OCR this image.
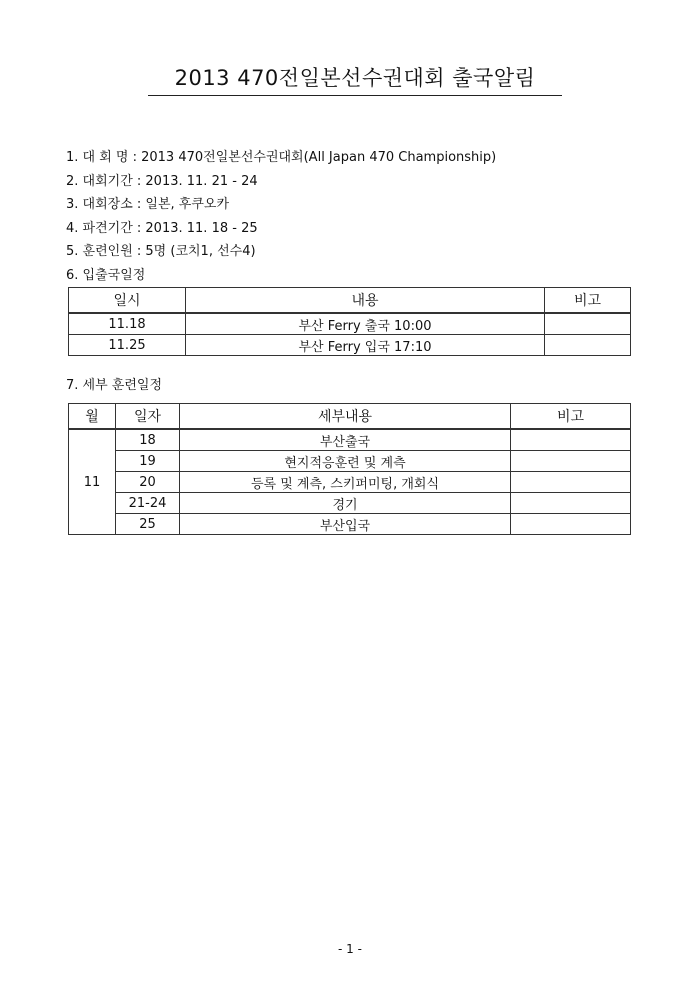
2013 470전일본선수권대회 출국알림
1. 대 회 명 : 2013 470전일본선수권대회(All Japan 470 Championship)
2. 대회기간 : 2013. 11. 21 - 24
3. 대회장소 : 일본, 후쿠오카
4. 파견기간 : 2013. 11. 18 - 25
5. 훈련인원 : 5명 (코치1, 선수4)
6. 입출국일정
일시	내용	비고
11.18	부산 Ferry 출국 10:00	
11.25	부산 Ferry 입국 17:10	
7. 세부 훈련일정
월	일자	세부내용	비고
11	18	부산출국	
	19	현지적응훈련 및 계측	
	20	등록 및 계측, 스키퍼미팅, 개회식	
	21-24	경기	
	25	부산입국	
- 1 -
